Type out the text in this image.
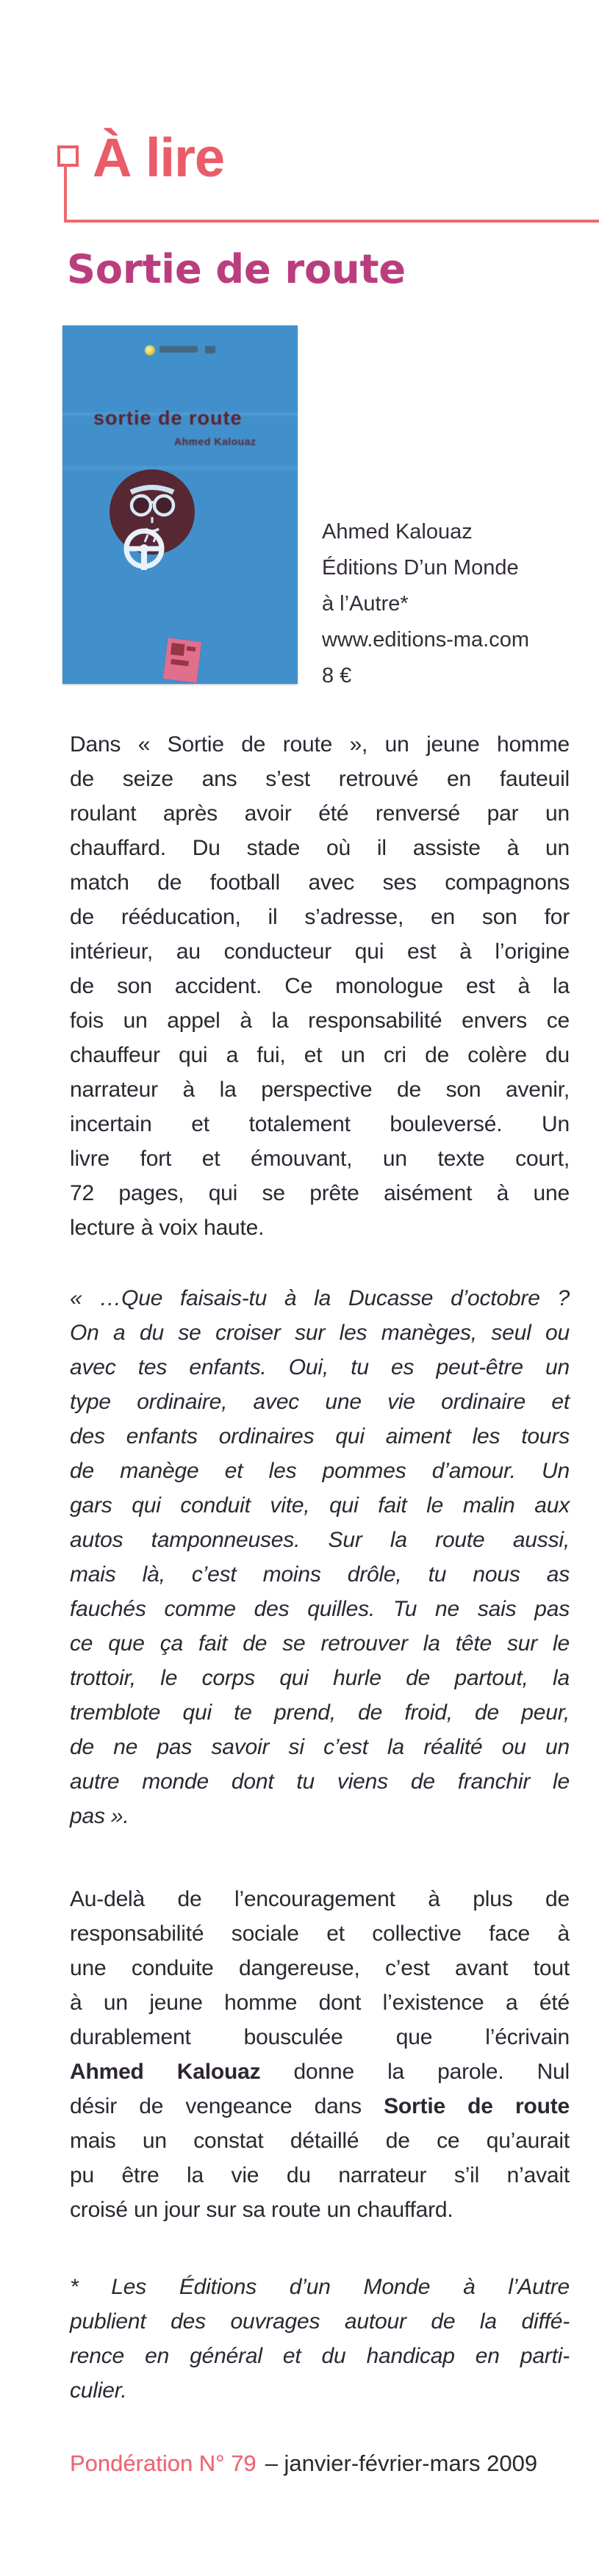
À lire
Sortie de route
sortie de route
Ahmed Kalouaz
Ahmed Kalouaz
Éditions D’un Monde
à l’Autre*
www.editions-ma.com
8 €
Dans « Sortie de route », un jeune homme
de seize ans s’est retrouvé en fauteuil
roulant après avoir été renversé par un
chauffard. Du stade où il assiste à un
match de football avec ses compagnons
de rééducation, il s’adresse, en son for
intérieur, au conducteur qui est à l’origine
de son accident. Ce monologue est à la
fois un appel à la responsabilité envers ce
chauffeur qui a fui, et un cri de colère du
narrateur à la perspective de son avenir,
incertain et totalement bouleversé. Un
livre fort et émouvant, un texte court,
72 pages, qui se prête aisément à une
lecture à voix haute.
« …Que faisais-tu à la Ducasse d’octobre ?
On a du se croiser sur les manèges, seul ou
avec tes enfants. Oui, tu es peut-être un
type ordinaire, avec une vie ordinaire et
des enfants ordinaires qui aiment les tours
de manège et les pommes d’amour. Un
gars qui conduit vite, qui fait le malin aux
autos tamponneuses. Sur la route aussi,
mais là, c’est moins drôle, tu nous as
fauchés comme des quilles. Tu ne sais pas
ce que ça fait de se retrouver la tête sur le
trottoir, le corps qui hurle de partout, la
tremblote qui te prend, de froid, de peur,
de ne pas savoir si c’est la réalité ou un
autre monde dont tu viens de franchir le
pas ».
Au-delà de l’encouragement à plus de
responsabilité sociale et collective face à
une conduite dangereuse, c’est avant tout
à un jeune homme dont l’existence a été
durablement bousculée que l’écrivain
Ahmed Kalouaz donne la parole. Nul
désir de vengeance dans Sortie de route
mais un constat détaillé de ce qu’aurait
pu être la vie du narrateur s’il n’avait
croisé un jour sur sa route un chauffard.
* Les Éditions d’un Monde à l’Autre
publient des ouvrages autour de la diffé-
rence en général et du handicap en parti-
culier.
Pondération N° 79 – janvier-février-mars 2009
